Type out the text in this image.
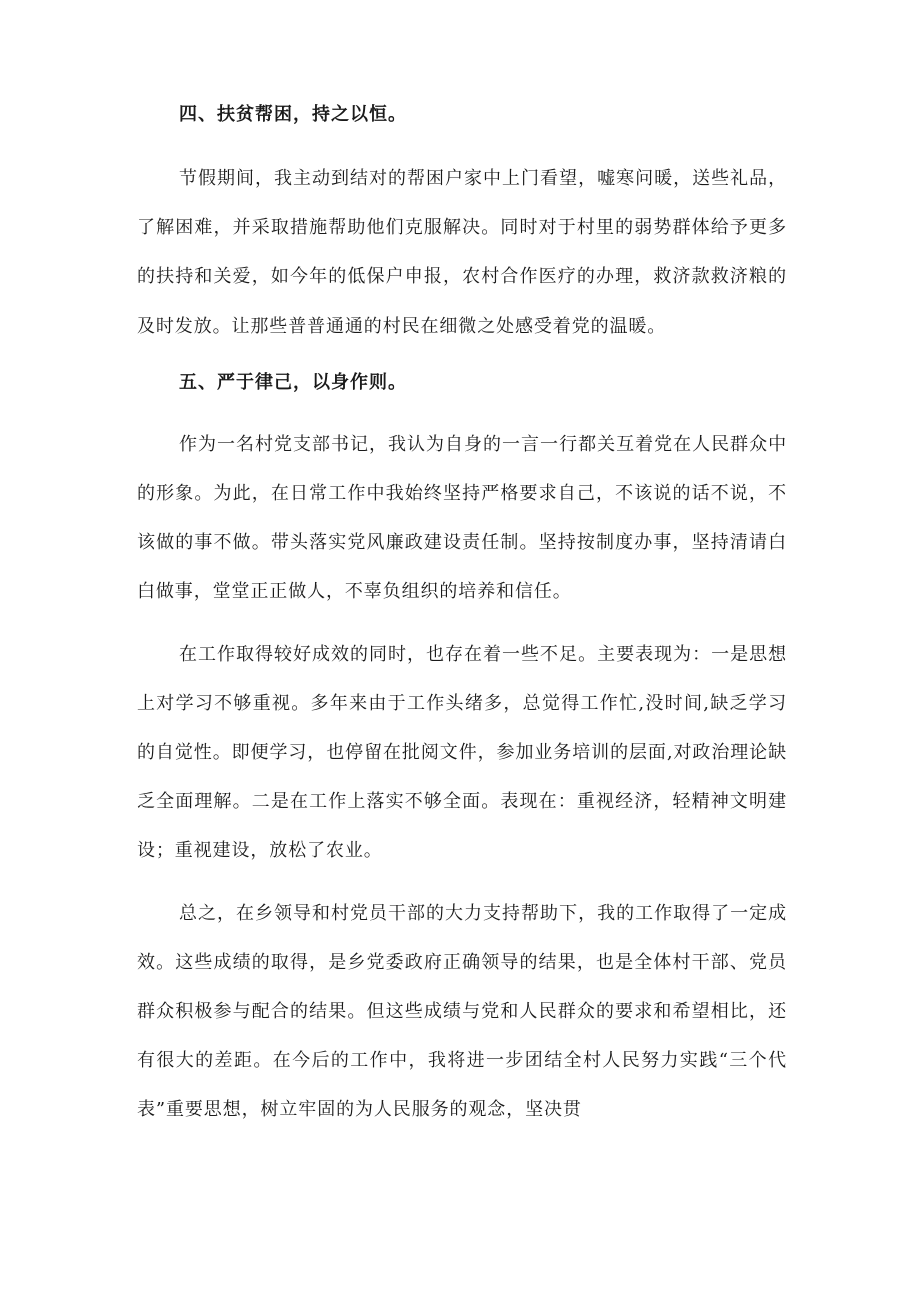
四、扶贫帮困，持之以恒。

节假期间，我主动到结对的帮困户家中上门看望，嘘寒问暖，送些礼品，了解困难，并采取措施帮助他们克服解决。同时对于村里的弱势群体给予更多的扶持和关爱，如今年的低保户申报，农村合作医疗的办理，救济款救济粮的及时发放。让那些普普通通的村民在细微之处感受着党的温暖。

五、严于律己，以身作则。

作为一名村党支部书记，我认为自身的一言一行都关互着党在人民群众中的形象。为此，在日常工作中我始终坚持严格要求自己，不该说的话不说，不该做的事不做。带头落实党风廉政建设责任制。坚持按制度办事，坚持清请白白做事，堂堂正正做人，不辜负组织的培养和信任。

在工作取得较好成效的同时，也存在着一些不足。主要表现为：一是思想上对学习不够重视。多年来由于工作头绪多，总觉得工作忙,没时间,缺乏学习的自觉性。即便学习，也停留在批阅文件，参加业务培训的层面,对政治理论缺乏全面理解。二是在工作上落实不够全面。表现在：重视经济，轻精神文明建设；重视建设，放松了农业。

总之，在乡领导和村党员干部的大力支持帮助下，我的工作取得了一定成效。这些成绩的取得，是乡党委政府正确领导的结果，也是全体村干部、党员群众积极参与配合的结果。但这些成绩与党和人民群众的要求和希望相比，还有很大的差距。在今后的工作中，我将进一步团结全村人民努力实践“三个代表”重要思想，树立牢固的为人民服务的观念，坚决贯
